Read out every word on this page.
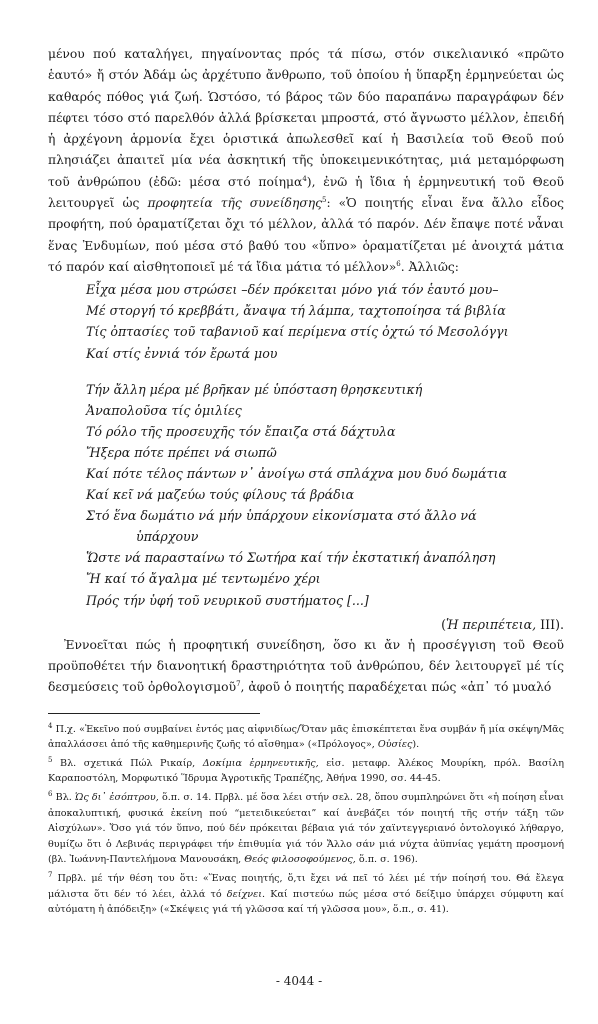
μένου πού καταλήγει, πηγαίνοντας πρός τά πίσω, στόν σικελιανικό «πρῶτο ἑαυτό» ἤ στόν Ἀδάμ ὡς ἀρχέτυπο ἄνθρωπο, τοῦ ὁποίου ἡ ὕπαρξη ἑρμηνεύεται ὡς καθαρός πόθος γιά ζωή. Ὡστόσο, τό βάρος τῶν δύο παραπάνω παραγράφων δέν πέφτει τόσο στό παρελθόν ἀλλά βρίσκεται μπροστά, στό ἄγνωστο μέλλον, ἐπειδή ἡ ἀρχέγονη ἁρμονία ἔχει ὁριστικά ἀπωλεσθεῖ καί ἡ Βασιλεία τοῦ Θεοῦ πού πλησιάζει ἀπαιτεῖ μία νέα ἀσκητική τῆς ὑποκειμενικότητας, μιά μεταμόρφωση τοῦ ἀνθρώπου (ἐδῶ: μέσα στό ποίημα$^4$), ἐνῶ ἡ ἴδια ἡ ἑρμηνευτική τοῦ Θεοῦ λειτουργεῖ ὡς προφητεία τῆς συνείδησης$^5$: «Ὁ ποιητής εἶναι ἕνα ἄλλο εἶδος προφήτη, πού ὁραματίζεται ὄχι τό μέλλον, ἀλλά τό παρόν. Δέν ἔπαψε ποτέ νἆναι ἕνας Ἐνδυμίων, πού μέσα στό βαθύ του «ὕπνο» ὁραματίζεται μέ ἀνοιχτά μάτια τό παρόν καί αἰσθητοποιεῖ μέ τά ἴδια μάτια τό μέλλον»$^6$. Ἀλλιῶς:

Εἶχα μέσα μου στρώσει –δέν πρόκειται μόνο γιά τόν ἑαυτό μου–
Μέ στοργή τό κρεββάτι, ἄναψα τή λάμπα, ταχτοποίησα τά βιβλία
Τίς ὀπτασίες τοῦ ταβανιοῦ καί περίμενα στίς ὀχτώ τό Μεσολόγγι
Καί στίς ἐννιά τόν ἔρωτά μου
Τήν ἄλλη μέρα μέ βρῆκαν μέ ὑπόσταση θρησκευτική
Ἀναπολοῦσα τίς ὁμιλίες
Τό ρόλο τῆς προσευχῆς τόν ἔπαιζα στά δάχτυλα
Ἤξερα πότε πρέπει νά σιωπῶ
Καί πότε τέλος πάντων ν᾽ ἀνοίγω στά σπλάχνα μου δυό δωμάτια
Καί κεῖ νά μαζεύω τούς φίλους τά βράδια
Στό ἕνα δωμάτιο νά μήν ὑπάρχουν εἰκονίσματα στό ἄλλο νά
ὑπάρχουν
Ὥστε νά παρασταίνω τό Σωτήρα καί τήν ἐκστατική ἀναπόληση
Ἤ καί τό ἄγαλμα μέ τεντωμένο χέρι
Πρός τήν ὑφή τοῦ νευρικοῦ συστήματος [...]
(Ἡ περιπέτεια, III).

Ἐννοεῖται πώς ἡ προφητική συνείδηση, ὅσο κι ἄν ἡ προσέγγιση τοῦ Θεοῦ προϋποθέτει τήν διανοητική δραστηριότητα τοῦ ἀνθρώπου, δέν λειτουργεῖ μέ τίς δεσμεύσεις τοῦ ὀρθολογισμοῦ$^7$, ἀφοῦ ὁ ποιητής παραδέχεται πώς «ἀπ᾽ τό μυαλό

$^4$ Π.χ. «Ἐκεῖνο πού συμβαίνει ἐντός μας αἰφνιδίως/Ὅταν μᾶς ἐπισκέπτεται ἕνα συμβάν ἤ μία σκέψη/Μᾶς ἀπαλλάσσει ἀπό τῆς καθημερινῆς ζωῆς τό αἴσθημα» («Πρόλογος», Οὐσίες).

$^5$ Βλ. σχετικά Πώλ Ρικαίρ, Δοκίμια ἑρμηνευτικῆς, εἰσ. μεταφρ. Ἀλέκος Μουρίκη, πρόλ. Βασίλη Καραποστόλη, Μορφωτικό Ἵδρυμα Ἀγροτικῆς Τραπέζης, Ἀθήνα 1990, σσ. 44-45.

$^6$ Βλ. Ὡς δι᾽ ἐσόπτρου, ὅ.π. σ. 14. Πρβλ. μέ ὅσα λέει στήν σελ. 28, ὅπου συμπληρώνει ὅτι «ἡ ποίηση εἶναι ἀποκαλυπτική, φυσικά ἐκείνη πού “μετειδικεύεται” καί ἀνεβάζει τόν ποιητή τῆς στήν τάξη τῶν Αἰσχύλων». Ὅσο γιά τόν ὕπνο, πού δέν πρόκειται βέβαια γιά τόν χαϊντεγγεριανό ὀντολογικό λήθαργο, θυμίζω ὅτι ὁ Λεβινάς περιγράφει τήν ἐπιθυμία γιά τόν Ἄλλο σάν μιά νύχτα ἀϋπνίας γεμάτη προσμονή (βλ. Ἰωάννη-Παντελήμονα Μανουσάκη, Θεός φιλοσοφούμενος, ὅ.π. σ. 196).

$^7$ Πρβλ. μέ τήν θέση του ὅτι: «Ἕνας ποιητής, ὅ,τι ἔχει νά πεῖ τό λέει μέ τήν ποίησή του. Θά ἔλεγα μάλιστα ὅτι δέν τό λέει, ἀλλά τό δείχνει. Καί πιστεύω πώς μέσα στό δείξιμο ὑπάρχει σύμφυτη καί αὐτόματη ἡ ἀπόδειξη» («Σκέψεις γιά τή γλῶσσα καί τή γλῶσσα μου», ὅ.π., σ. 41).

- 4044 -
